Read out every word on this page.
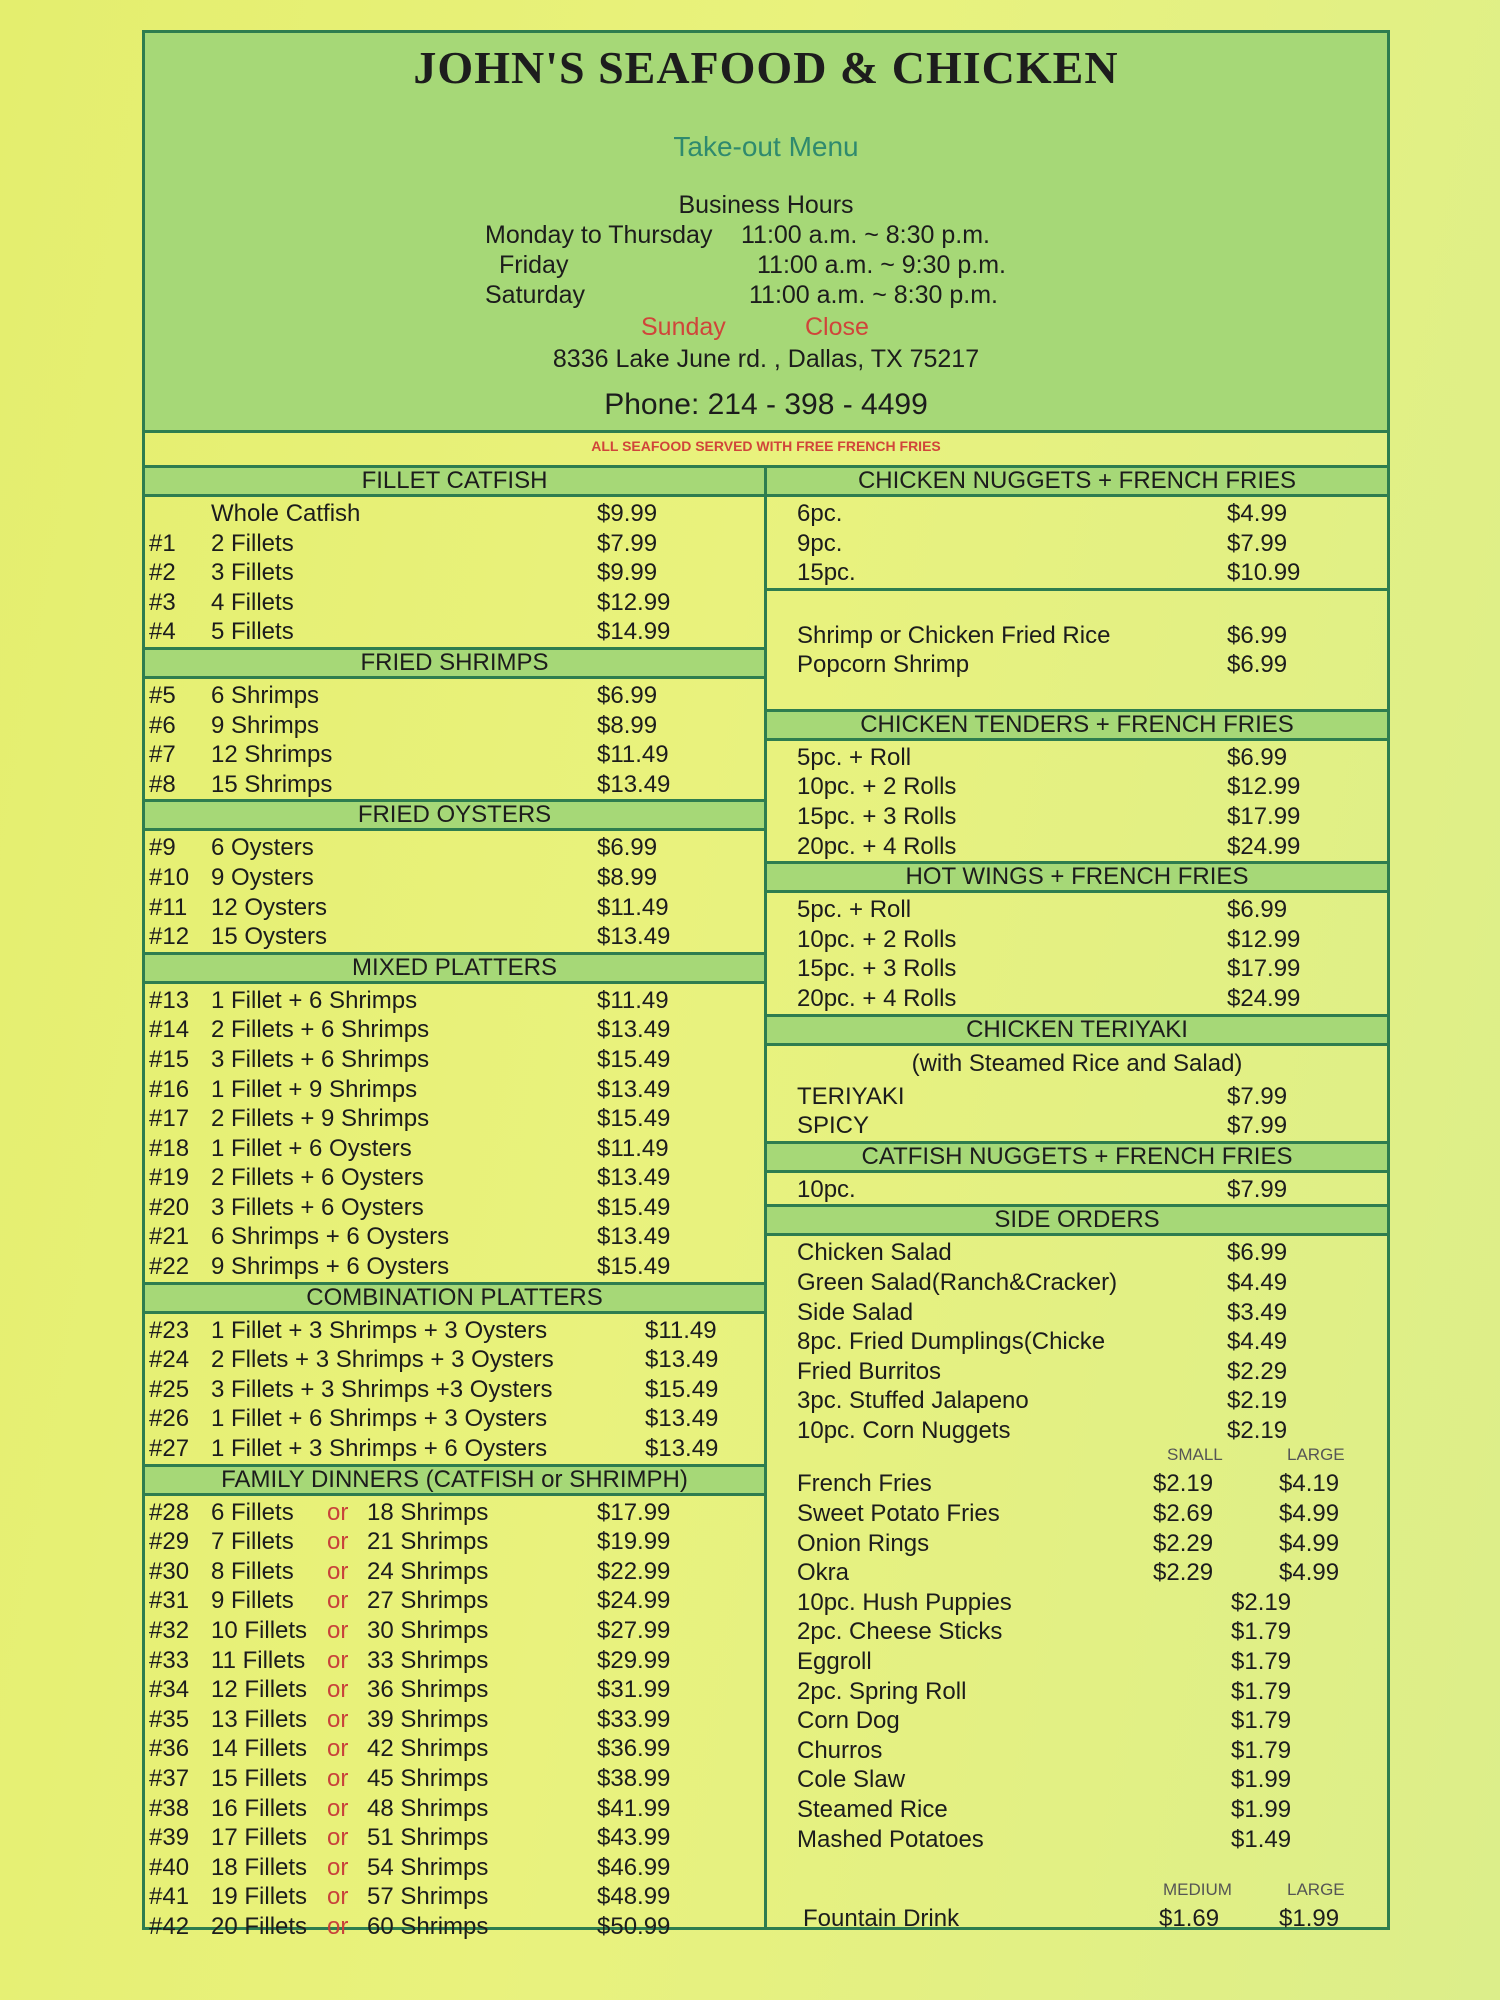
JOHN'S SEAFOOD & CHICKEN
Take-out Menu
Business Hours
Monday to Thursday 11:00 a.m. ~ 8:30 p.m.
Friday	11:00 a.m. ~ 9:30 p.m.
Saturday	11:00 a.m. ~ 8:30 p.m.
Sunday	Close
8336 Lake June rd. , Dallas, TX 75217
Phone: 214 - 398 - 4499
ALL SEAFOOD SERVED WITH FREE FRENCH FRIES
FILLET CATFISH
Whole Catfish	$9.99
#1 2 Fillets	$7.99
#2 3 Fillets	$9.99
#3 4 Fillets	$12.99
#4 5 Fillets	$14.99
FRIED SHRIMPS
#5 6 Shrimps	$6.99
#6 9 Shrimps	$8.99
#7 12 Shrimps	$11.49
#8 15 Shrimps	$13.49
FRIED OYSTERS
#9 6 Oysters	$6.99
#10 9 Oysters	$8.99
#11 12 Oysters	$11.49
#12 15 Oysters	$13.49
MIXED PLATTERS
#13 1 Fillet + 6 Shrimps	$11.49
#14 2 Fillets + 6 Shrimps	$13.49
#15 3 Fillets + 6 Shrimps	$15.49
#16 1 Fillet + 9 Shrimps	$13.49
#17 2 Fillets + 9 Shrimps	$15.49
#18 1 Fillet + 6 Oysters	$11.49
#19 2 Fillets + 6 Oysters	$13.49
#20 3 Fillets + 6 Oysters	$15.49
#21 6 Shrimps + 6 Oysters	$13.49
#22 9 Shrimps + 6 Oysters	$15.49
COMBINATION PLATTERS
#23 1 Fillet + 3 Shrimps + 3 Oysters	$11.49
#24 2 Fllets + 3 Shrimps + 3 Oysters	$13.49
#25 3 Fillets + 3 Shrimps +3 Oysters	$15.49
#26 1 Fillet + 6 Shrimps + 3 Oysters	$13.49
#27 1 Fillet + 3 Shrimps + 6 Oysters	$13.49
FAMILY DINNERS (CATFISH or SHRIMPH)
#28 6 Fillets or 18 Shrimps	$17.99
#29 7 Fillets or 21 Shrimps	$19.99
#30 8 Fillets or 24 Shrimps	$22.99
#31 9 Fillets or 27 Shrimps	$24.99
#32 10 Fillets or 30 Shrimps	$27.99
#33 11 Fillets or 33 Shrimps	$29.99
#34 12 Fillets or 36 Shrimps	$31.99
#35 13 Fillets or 39 Shrimps	$33.99
#36 14 Fillets or 42 Shrimps	$36.99
#37 15 Fillets or 45 Shrimps	$38.99
#38 16 Fillets or 48 Shrimps	$41.99
#39 17 Fillets or 51 Shrimps	$43.99
#40 18 Fillets or 54 Shrimps	$46.99
#41 19 Fillets or 57 Shrimps	$48.99
#42 20 Fillets or 60 Shrimps	$50.99
CHICKEN NUGGETS + FRENCH FRIES
6pc.	$4.99
9pc.	$7.99
15pc.	$10.99
Shrimp or Chicken Fried Rice	$6.99
Popcorn Shrimp	$6.99
CHICKEN TENDERS + FRENCH FRIES
5pc. + Roll	$6.99
10pc. + 2 Rolls	$12.99
15pc. + 3 Rolls	$17.99
20pc. + 4 Rolls	$24.99
HOT WINGS + FRENCH FRIES
5pc. + Roll	$6.99
10pc. + 2 Rolls	$12.99
15pc. + 3 Rolls	$17.99
20pc. + 4 Rolls	$24.99
CHICKEN TERIYAKI
(with Steamed Rice and Salad)
TERIYAKI	$7.99
SPICY	$7.99
CATFISH NUGGETS + FRENCH FRIES
10pc.	$7.99
SIDE ORDERS
Chicken Salad	$6.99
Green Salad(Ranch&Cracker)	$4.49
Side Salad	$3.49
8pc. Fried Dumplings(Chicke	$4.49
Fried Burritos	$2.29
3pc. Stuffed Jalapeno	$2.19
10pc. Corn Nuggets	$2.19
SMALL	LARGE
French Fries	$2.19	$4.19
Sweet Potato Fries	$2.69	$4.99
Onion Rings	$2.29	$4.99
Okra	$2.29	$4.99
10pc. Hush Puppies	$2.19
2pc. Cheese Sticks	$1.79
Eggroll	$1.79
2pc. Spring Roll	$1.79
Corn Dog	$1.79
Churros	$1.79
Cole Slaw	$1.99
Steamed Rice	$1.99
Mashed Potatoes	$1.49
MEDIUM	LARGE
Fountain Drink	$1.69 $1.99
